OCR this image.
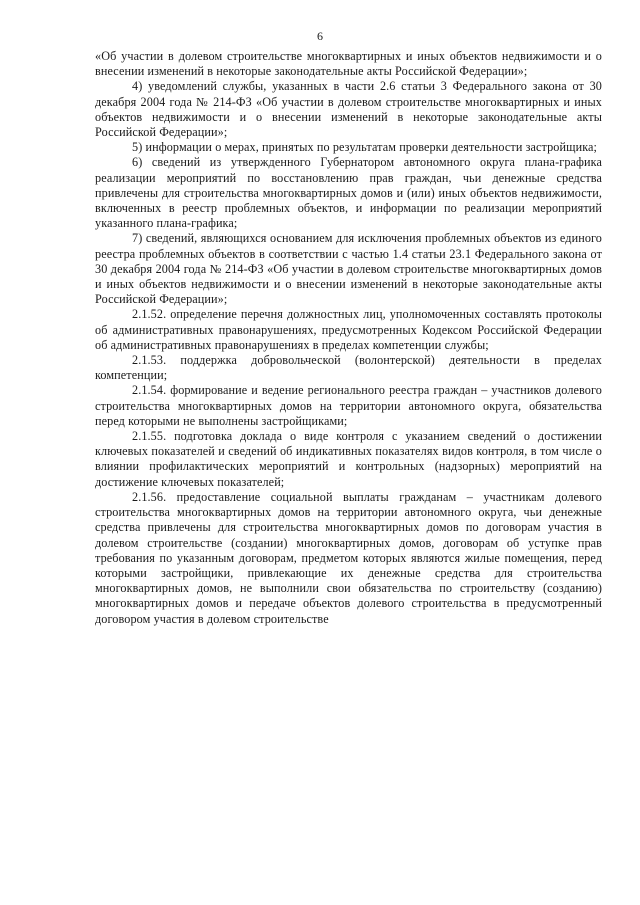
6

«Об участии в долевом строительстве многоквартирных и иных объектов недвижимости и о внесении изменений в некоторые законодательные акты Российской Федерации»;

4) уведомлений службы, указанных в части 2.6 статьи 3 Федерального закона от 30 декабря 2004 года № 214-ФЗ «Об участии в долевом строительстве многоквартирных и иных объектов недвижимости и о внесении изменений в некоторые законодательные акты Российской Федерации»;

5) информации о мерах, принятых по результатам проверки деятельности застройщика;

6) сведений из утвержденного Губернатором автономного округа плана-графика реализации мероприятий по восстановлению прав граждан, чьи денежные средства привлечены для строительства многоквартирных домов и (или) иных объектов недвижимости, включенных в реестр проблемных объектов, и информации по реализации мероприятий указанного плана-графика;

7) сведений, являющихся основанием для исключения проблемных объектов из единого реестра проблемных объектов в соответствии с частью 1.4 статьи 23.1 Федерального закона от 30 декабря 2004 года № 214-ФЗ «Об участии в долевом строительстве многоквартирных домов и иных объектов недвижимости и о внесении изменений в некоторые законодательные акты Российской Федерации»;

2.1.52. определение перечня должностных лиц, уполномоченных составлять протоколы об административных правонарушениях, предусмотренных Кодексом Российской Федерации об административных правонарушениях в пределах компетенции службы;

2.1.53. поддержка добровольческой (волонтерской) деятельности в пределах компетенции;

2.1.54. формирование и ведение регионального реестра граждан – участников долевого строительства многоквартирных домов на территории автономного округа, обязательства перед которыми не выполнены застройщиками;

2.1.55. подготовка доклада о виде контроля с указанием сведений о достижении ключевых показателей и сведений об индикативных показателях видов контроля, в том числе о влиянии профилактических мероприятий и контрольных (надзорных) мероприятий на достижение ключевых показателей;

2.1.56. предоставление социальной выплаты гражданам – участникам долевого строительства многоквартирных домов на территории автономного округа, чьи денежные средства привлечены для строительства многоквартирных домов по договорам участия в долевом строительстве (создании) многоквартирных домов, договорам об уступке прав требования по указанным договорам, предметом которых являются жилые помещения, перед которыми застройщики, привлекающие их денежные средства для строительства многоквартирных домов, не выполнили свои обязательства по строительству (созданию) многоквартирных домов и передаче объектов долевого строительства в предусмотренный договором участия в долевом строительстве
